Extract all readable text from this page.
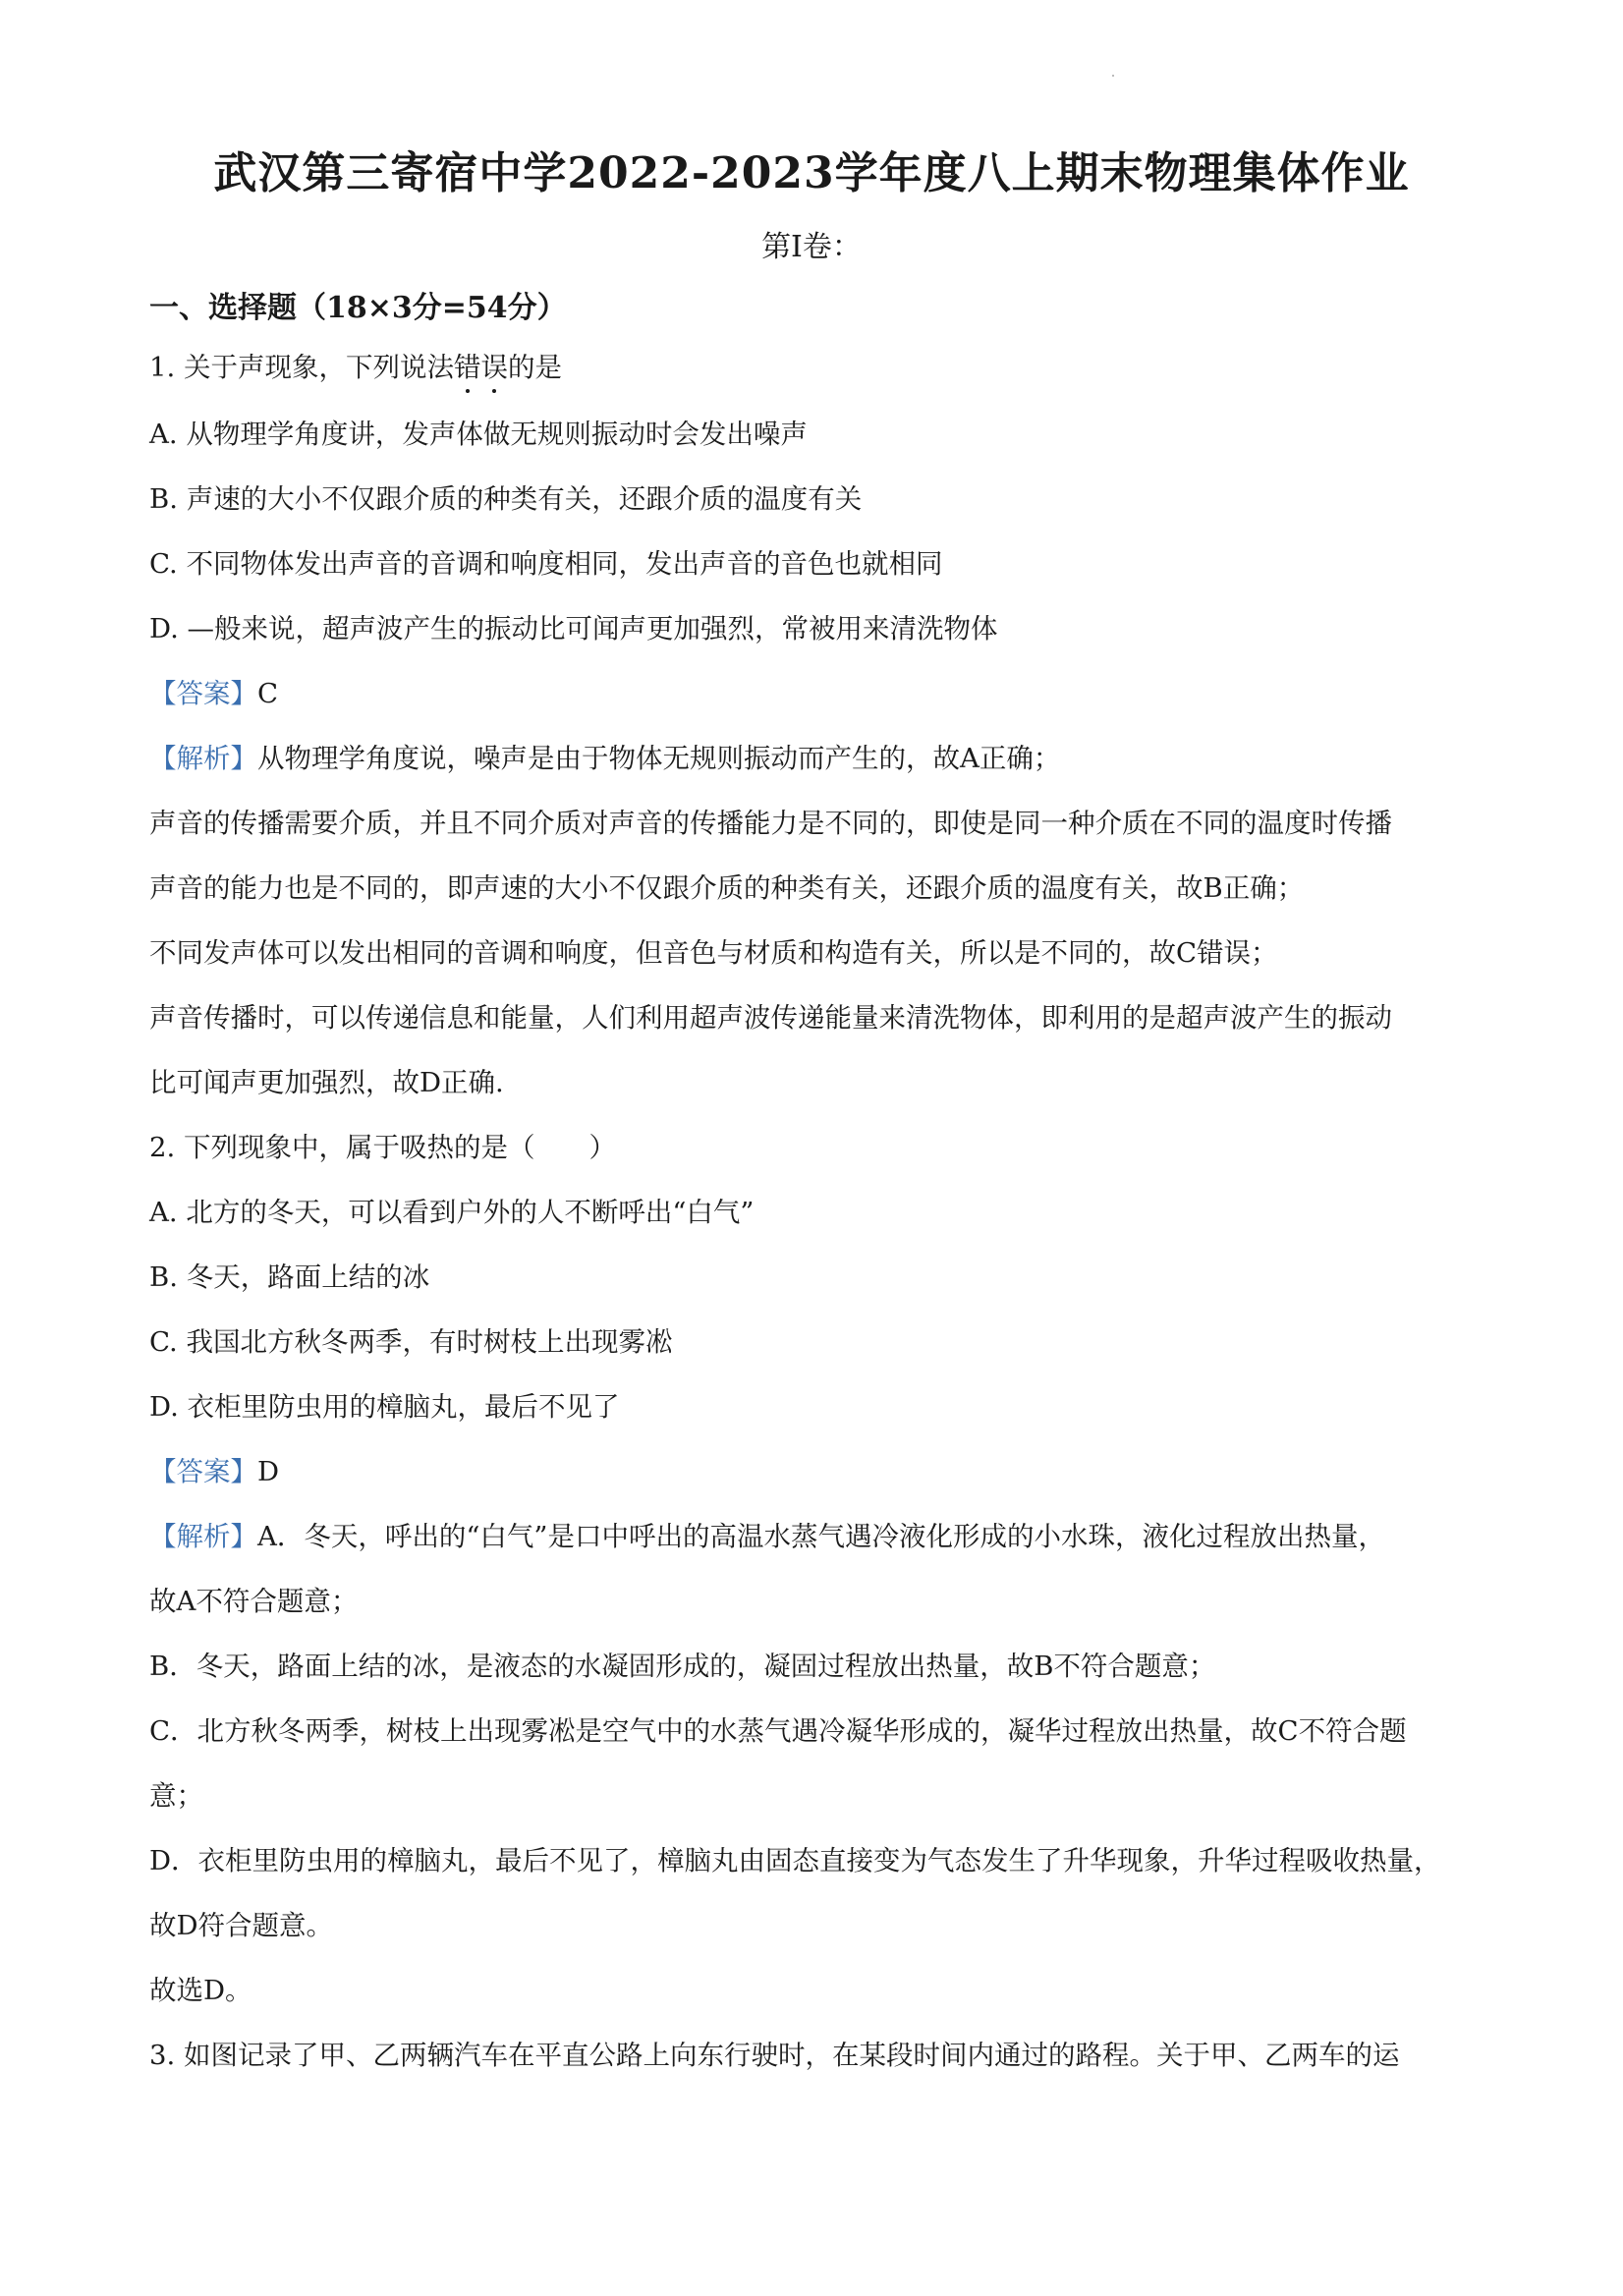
武汉第三寄宿中学2022-2023学年度八上期末物理集体作业
第Ⅰ卷：
一、选择题（18×3分=54分）
1. 关于声现象，下列说法错
误
的是
A. 从物理学角度讲，发声体做无规则振动时会发出噪声
B. 声速的大小不仅跟介质的种类有关，还跟介质的温度有关
C. 不同物体发出声音的音调和响度相同，发出声音的音色也就相同
D. —般来说，超声波产生的振动比可闻声更加强烈，常被用来清洗物体
【答案】C
【解析】从物理学角度说，噪声是由于物体无规则振动而产生的，故A正确；
声音的传播需要介质，并且不同介质对声音的传播能力是不同的，即使是同一种介质在不同的温度时传播
声音的能力也是不同的，即声速的大小不仅跟介质的种类有关，还跟介质的温度有关，故B正确；
不同发声体可以发出相同的音调和响度，但音色与材质和构造有关，所以是不同的，故C错误；
声音传播时，可以传递信息和能量，人们利用超声波传递能量来清洗物体，即利用的是超声波产生的振动
比可闻声更加强烈，故D正确.
2. 下列现象中，属于吸热的是（　　）
A. 北方的冬天，可以看到户外的人不断呼出“白气”
B. 冬天，路面上结的冰
C. 我国北方秋冬两季，有时树枝上出现雾凇
D. 衣柜里防虫用的樟脑丸，最后不见了
【答案】D
【解析】A．冬天，呼出的“白气”是口中呼出的高温水蒸气遇冷液化形成的小水珠，液化过程放出热量，
故A不符合题意；
B．冬天，路面上结的冰，是液态的水凝固形成的，凝固过程放出热量，故B不符合题意；
C．北方秋冬两季，树枝上出现雾凇是空气中的水蒸气遇冷凝华形成的，凝华过程放出热量，故C不符合题
意；
D．衣柜里防虫用的樟脑丸，最后不见了，樟脑丸由固态直接变为气态发生了升华现象，升华过程吸收热量，
故D符合题意。
故选D。
3. 如图记录了甲、乙两辆汽车在平直公路上向东行驶时，在某段时间内通过的路程。关于甲、乙两车的运
